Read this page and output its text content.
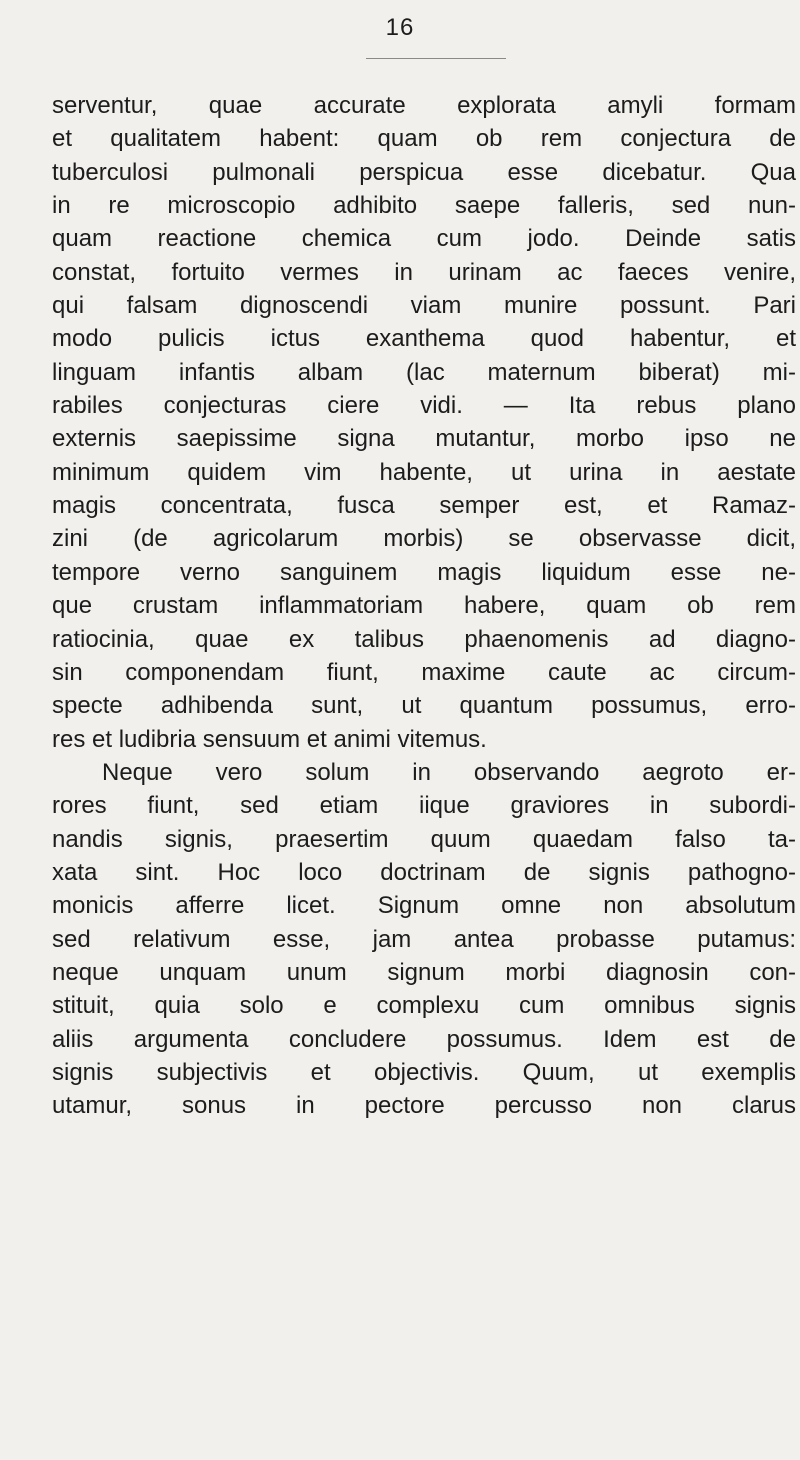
16
serventur, quae accurate explorata amyli formam
et qualitatem habent: quam ob rem conjectura de
tuberculosi pulmonali perspicua esse dicebatur. Qua
in re microscopio adhibito saepe falleris, sed nun-
quam reactione chemica cum jodo. Deinde satis
constat, fortuito vermes in urinam ac faeces venire,
qui falsam dignoscendi viam munire possunt. Pari
modo pulicis ictus exanthema quod habentur, et
linguam infantis albam (lac maternum biberat) mi-
rabiles conjecturas ciere vidi. — Ita rebus plano
externis saepissime signa mutantur, morbo ipso ne
minimum quidem vim habente, ut urina in aestate
magis concentrata, fusca semper est, et Ramaz-
zini (de agricolarum morbis) se observasse dicit,
tempore verno sanguinem magis liquidum esse ne-
que crustam inflammatoriam habere, quam ob rem
ratiocinia, quae ex talibus phaenomenis ad diagno-
sin componendam fiunt, maxime caute ac circum-
specte adhibenda sunt, ut quantum possumus, erro-
res et ludibria sensuum et animi vitemus.
Neque vero solum in observando aegroto er-
rores fiunt, sed etiam iique graviores in subordi-
nandis signis, praesertim quum quaedam falso ta-
xata sint. Hoc loco doctrinam de signis pathogno-
monicis afferre licet. Signum omne non absolutum
sed relativum esse, jam antea probasse putamus:
neque unquam unum signum morbi diagnosin con-
stituit, quia solo e complexu cum omnibus signis
aliis argumenta concludere possumus. Idem est de
signis subjectivis et objectivis. Quum, ut exemplis
utamur, sonus in pectore percusso non clarus
